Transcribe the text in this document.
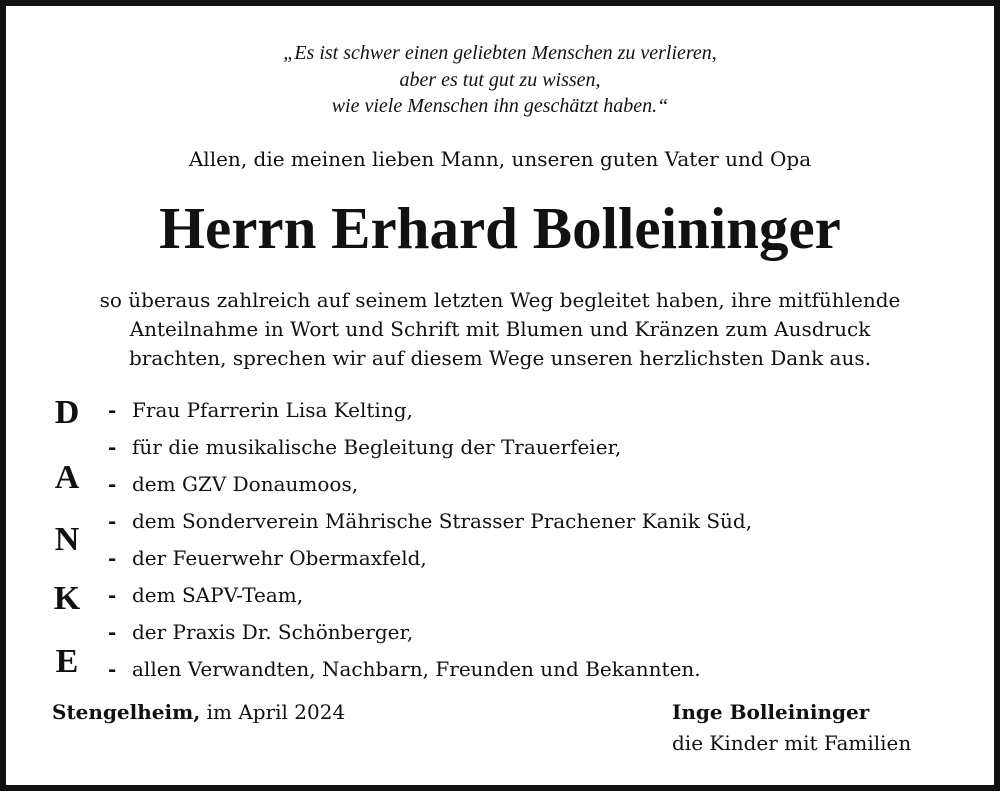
„Es ist schwer einen geliebten Menschen zu verlieren,
aber es tut gut zu wissen,
wie viele Menschen ihn geschätzt haben.“
Allen, die meinen lieben Mann, unseren guten Vater und Opa
Herrn Erhard Bolleininger
so überaus zahlreich auf seinem letzten Weg begleitet haben, ihre mitfühlende
Anteilnahme in Wort und Schrift mit Blumen und Kränzen zum Ausdruck
brachten, sprechen wir auf diesem Wege unseren herzlichsten Dank aus.
D
A
N
K
E
- Frau Pfarrerin Lisa Kelting,
- für die musikalische Begleitung der Trauerfeier,
- dem GZV Donaumoos,
- dem Sonderverein Mährische Strasser Prachener Kanik Süd,
- der Feuerwehr Obermaxfeld,
- dem SAPV-Team,
- der Praxis Dr. Schönberger,
- allen Verwandten, Nachbarn, Freunden und Bekannten.
Stengelheim, im April 2024	Inge Bolleininger
die Kinder mit Familien
